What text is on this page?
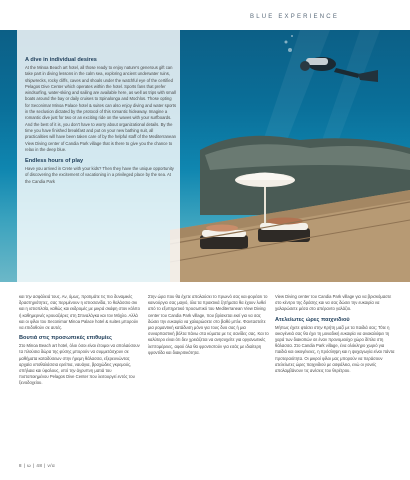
BLUE EXPERIENCE

A dive in individual desires

At the Minoa Beach art hotel, all those ready to enjoy nature's generous gift can take part in diving lessons in the calm sea, exploring ancient underwater ruins, shipwrecks, rocky cliffs, caves and shoals under the watchful eye of the certified Pelagos Dive Center which operates within the hotel. Sports fans that prefer windsurfing, water-skiing and sailing are available here, as well as trips with small boats around the bay or daily cruises to Spinalonga and Mochlos. Those opting for Seconimar Minoa Palace hotel & suites can also enjoy diving and water sports in the seclusion dictated by the protocol of this romantic hideaway. Imagine a romantic dive just for two or an exciting ride on the waves with your surfboards. And the best of it is, you don't have to worry about organizational details. By the time you have finished breakfast and put on your new bathing suit, all practicalities will have been taken care of by the helpful staff of the Mediterranean View Diving center of Candia Park village that is there to give you the chance to relax in the deep blue.

Endless hours of play

Have you arrived in Crete with your kids? Then they have the unique opportunity of discovering the excitement of vacationing in a privileged place by the sea. At the Candia Park

και την ασφάλειά τους. Αν, όμως, προτιμάτε τις πιο δυναμικές δραστηριότητες, σας περιμένουν η ιστιοσανίδα, το θαλάσσιο σκι και η ιστιοπλοΐα, καθώς και εκδρομές με μικρά σκάφη στον κόλπο ή καθημερινές κρουαζιέρες στη Σπιναλόγκα και τον Μόχλο. Αλλά και οι φίλοι του Seconimar Minoa Palace hotel & suites μπορούν να επιδοθούν σε αυτές.

Βουτιά στις προσωπικές επιθυμίες

Στο Minoa Beach art hotel, όλοι όσοι είναι έτοιμοι να απολαύσουν τα πλούσια δώρα της φύσης μπορούν να συμμετάσχουν σε μαθήματα καταδύσεων στην ήρεμη θάλασσα, εξερευνώντας αρχαία υποθαλάσσια ερείπια, ναυάγια, βραχώδεις γκρεμούς, σπήλαια και ύφαλους, υπό την άγρυπνη ματιά του πιστοποιημένου Pelagos Dive Center που λειτουργεί εντός του ξενοδοχείου.

Στην ώρα που θα έχετε απολαύσει το πρωινό σας και φορέσει το καινούργιο σας μαγιό, όλα τα πρακτικά ζητήματα θα έχουν λυθεί από το εξυπηρετικό προσωπικό του Mediterranean View Diving center του Candia Park village, που βρίσκεται εκεί για να σας δώσει την ευκαιρία να χαλαρώσετε στο βαθύ μπλε. Φανταστείτε μια ρομαντική κατάδυση μόνο για τους δυο σας ή μια συναρπαστική βόλτα πάνω στα κύματα με τις σανίδες σας. Και το καλύτερο είναι ότι δεν χρειάζεται να ανησυχείτε για οργανωτικές λεπτομέρειες, αφού όλα θα φροντιστούν για εσάς με ιδιαίτερη φροντίδα και διακριτικότητα.

View Diving center του Candia Park village για να βρισκόμαστε στο κέντρο της δράσης και να σας δώσει την ευκαιρία να χαλαρώσετε μέσα στο απέραντο γαλάζιο.

Ατελείωτες ώρες παιχνιδιού

Μήπως έχετε φτάσει στην Κρήτη μαζί με τα παιδιά σας; Τότε η οικογένειά σας θα έχει τη μοναδική ευκαιρία να ανακαλύψει τη χαρά των διακοπών σε έναν προνομιούχο χώρο δίπλα στη θάλασσα. Στο Candia Park village, ένα ολόκληρο χωριό για παιδιά και οικογένειες, η πρόσληψη και η ψυχαγωγία είναι πάντα προτεραιότητα. Οι μικροί φίλοι μας μπορούν να περάσουν ατελείωτες ώρες παιχνιδιού με ασφάλεια, ενώ οι γονείς απολαμβάνουν τις ανέσεις του θερέτρου.

8 | ω | 48 | ν/α
